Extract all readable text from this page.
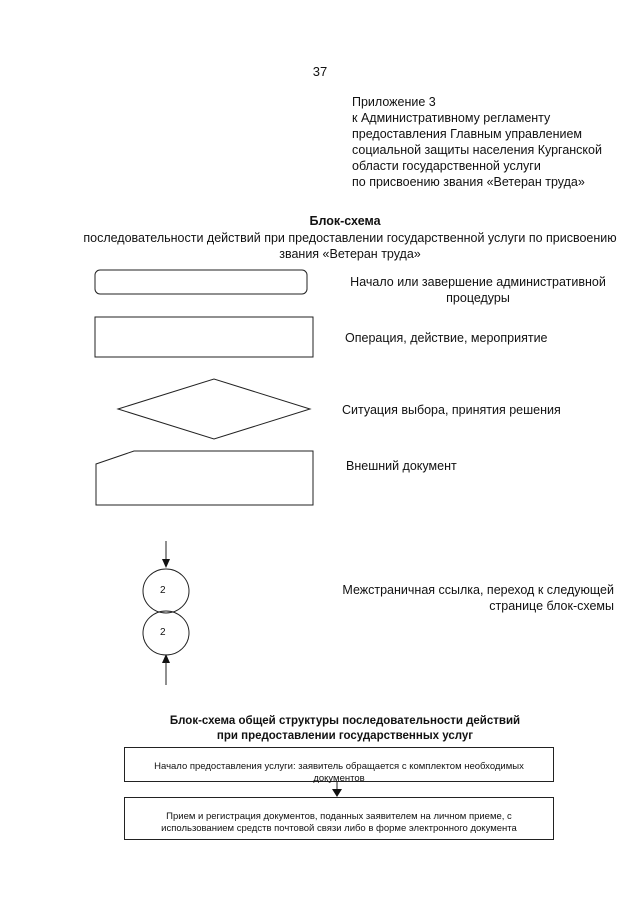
37
Приложение 3
к Административному регламенту
предоставления Главным управлением
социальной защиты населения Курганской
области государственной услуги
по присвоению звания «Ветеран труда»
Блок-схема
последовательности действий при предоставлении государственной услуги по присвоению звания «Ветеран труда»
2
2
Начало или завершение административной процедуры
Операция, действие, мероприятие
Ситуация выбора, принятия решения
Внешний документ
Межстраничная ссылка, переход к следующей странице блок-схемы
Блок-схема общей структуры последовательности действий
при предоставлении государственных услуг
Начало предоставления услуги: заявитель обращается с комплектом необходимых документов
Прием и регистрация документов, поданных заявителем на личном приеме, с использованием средств почтовой связи либо в форме электронного документа
